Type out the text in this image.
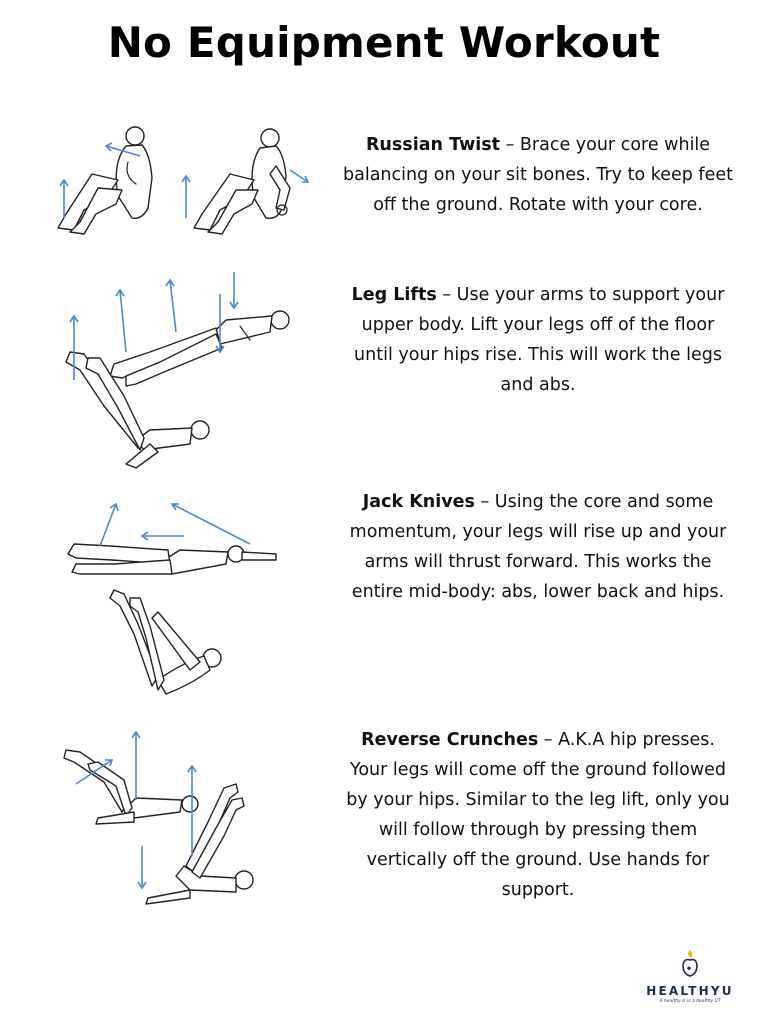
No Equipment Workout
Russian Twist – Brace your core while balancing on your sit bones. Try to keep feet off the ground. Rotate with your core.
Leg Lifts – Use your arms to support your upper body. Lift your legs off of the floor until your hips rise. This will work the legs and abs.
Jack Knives – Using the core and some momentum, your legs will rise up and your arms will thrust forward. This works the entire mid-body: abs, lower back and hips.
Reverse Crunches – A.K.A hip presses. Your legs will come off the ground followed by your hips. Similar to the leg lift, only you will follow through by pressing them vertically off the ground. Use hands for support.
HEALTHYU
A healthy U is a healthy UT
